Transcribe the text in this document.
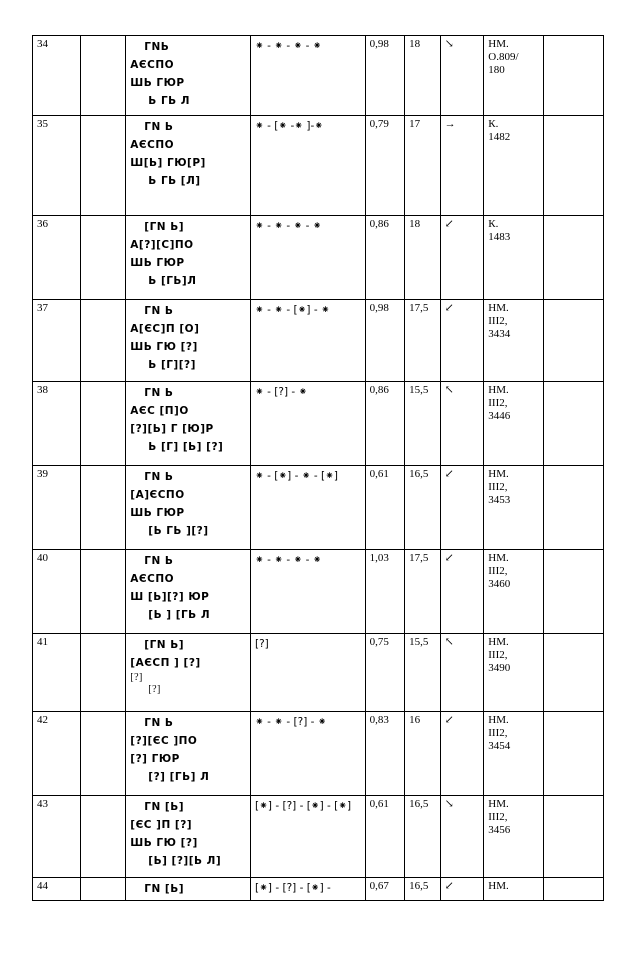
34		ГNЬ
АЄСПО
ШЬ ГЮР
Ь ГЬ Л	⁕ - ⁕ - ⁕ - ⁕	0,98	18	↘	НМ.
О.809/
180	

35		ГN Ь
АЄСПО
Ш[Ь] ГЮ[Р]
Ь ГЬ [Л]	⁕ - [⁕ -⁕ ]-⁕	0,79	17	→	К.
1482	

36		[ГN Ь]
А[?][С]ПО
ШЬ ГЮР
Ь [ГЬ]Л	⁕ - ⁕ - ⁕ - ⁕	0,86	18	↙	К.
1483	

37		ГN Ь
А[ЄС]П [О]
ШЬ ГЮ [?]
Ь [Г][?]	⁕ - ⁕ - [⁕] - ⁕	0,98	17,5	↙	НМ.
ІІІ2,
3434	

38		ГN Ь
АЄС [П]О
[?][Ь] Г [Ю]Р
Ь [Г] [Ь] [?]	⁕ - [?] - ⁕	0,86	15,5	↖	НМ.
ІІІ2,
3446	

39		ГN Ь
[А]ЄСПО
ШЬ ГЮР
[Ь ГЬ ][?]	⁕ - [⁕] - ⁕ - [⁕]	0,61	16,5	↙	НМ.
ІІІ2,
3453	

40		ГN Ь
АЄСПО
Ш [Ь][?] ЮР
[Ь ] [ГЬ Л	⁕ - ⁕ - ⁕ - ⁕	1,03	17,5	↙	НМ.
ІІІ2,
3460	

41		[ГN Ь]
[АЄСП ] [?]
[?]
[?]	[?]	0,75	15,5	↖	НМ.
ІІІ2,
3490	

42		ГN Ь
[?][ЄС ]ПО
[?] ГЮР
[?] [ГЬ] Л	⁕ - ⁕ - [?] - ⁕	0,83	16	↙	НМ.
ІІІ2,
3454	

43		ГN [Ь]
[ЄС ]П [?]
ШЬ ГЮ [?]
[Ь] [?][Ь Л]	[⁕] - [?] - [⁕] - [⁕]	0,61	16,5	↘	НМ.
ІІІ2,
3456	

44		ГN [Ь]	[⁕] - [?] - [⁕] -	0,67	16,5	↙	НМ.	
